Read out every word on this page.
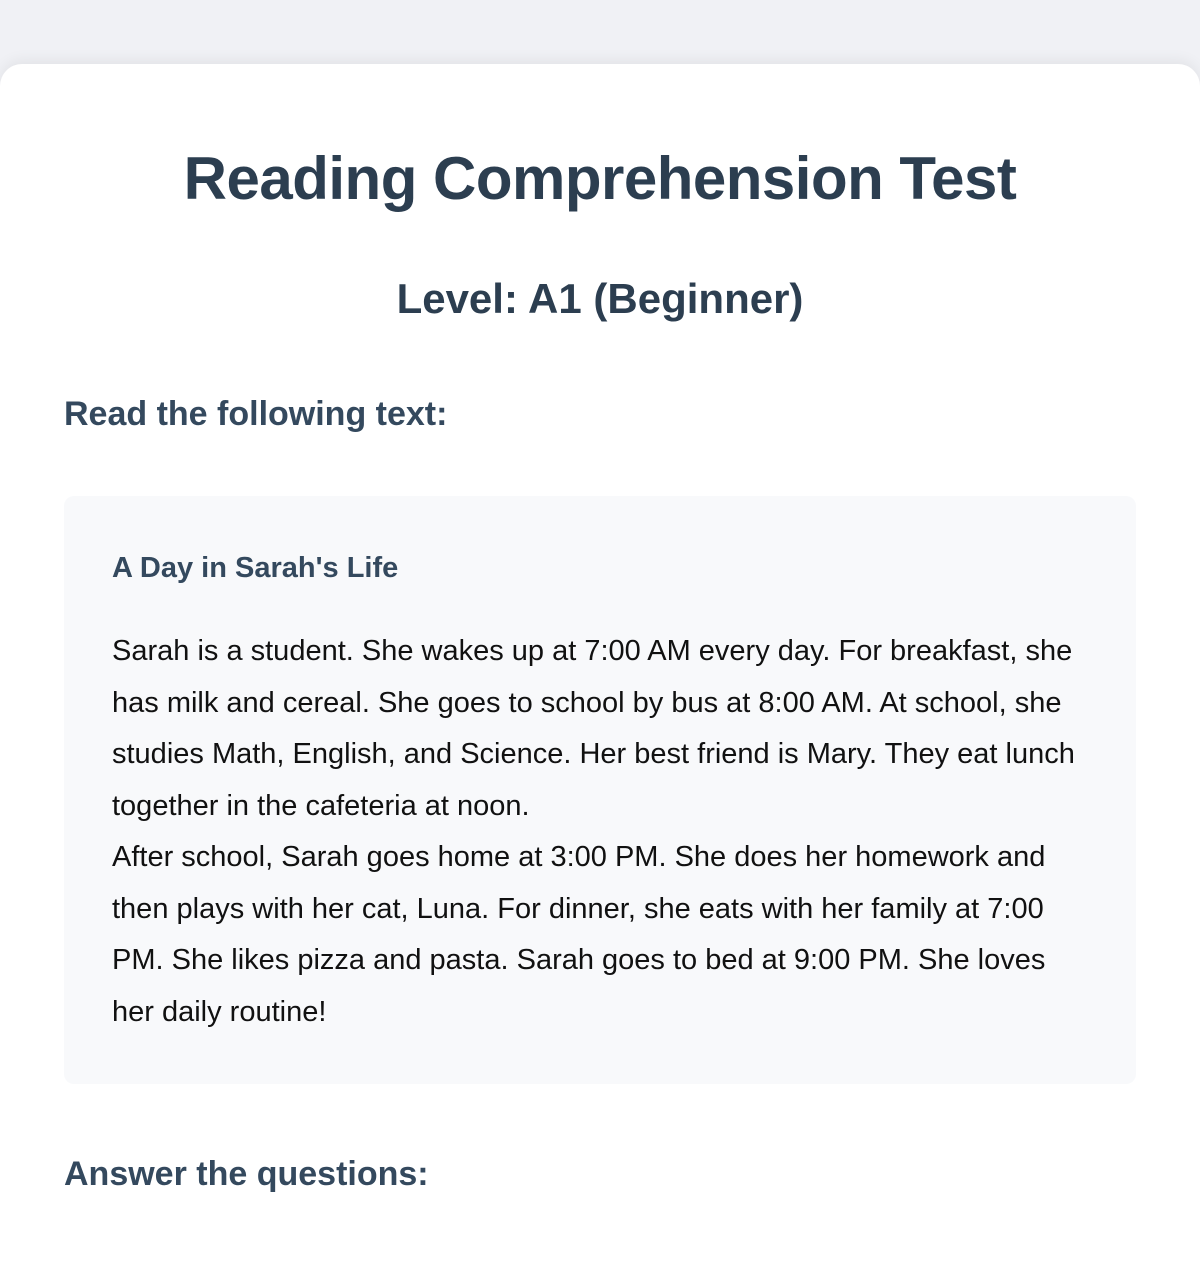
Reading Comprehension Test
Level: A1 (Beginner)
Read the following text:
A Day in Sarah's Life

Sarah is a student. She wakes up at 7:00 AM every day. For breakfast, she has milk and cereal. She goes to school by bus at 8:00 AM. At school, she studies Math, English, and Science. Her best friend is Mary. They eat lunch together in the cafeteria at noon.

After school, Sarah goes home at 3:00 PM. She does her homework and then plays with her cat, Luna. For dinner, she eats with her family at 7:00 PM. She likes pizza and pasta. Sarah goes to bed at 9:00 PM. She loves her daily routine!

Answer the questions:
